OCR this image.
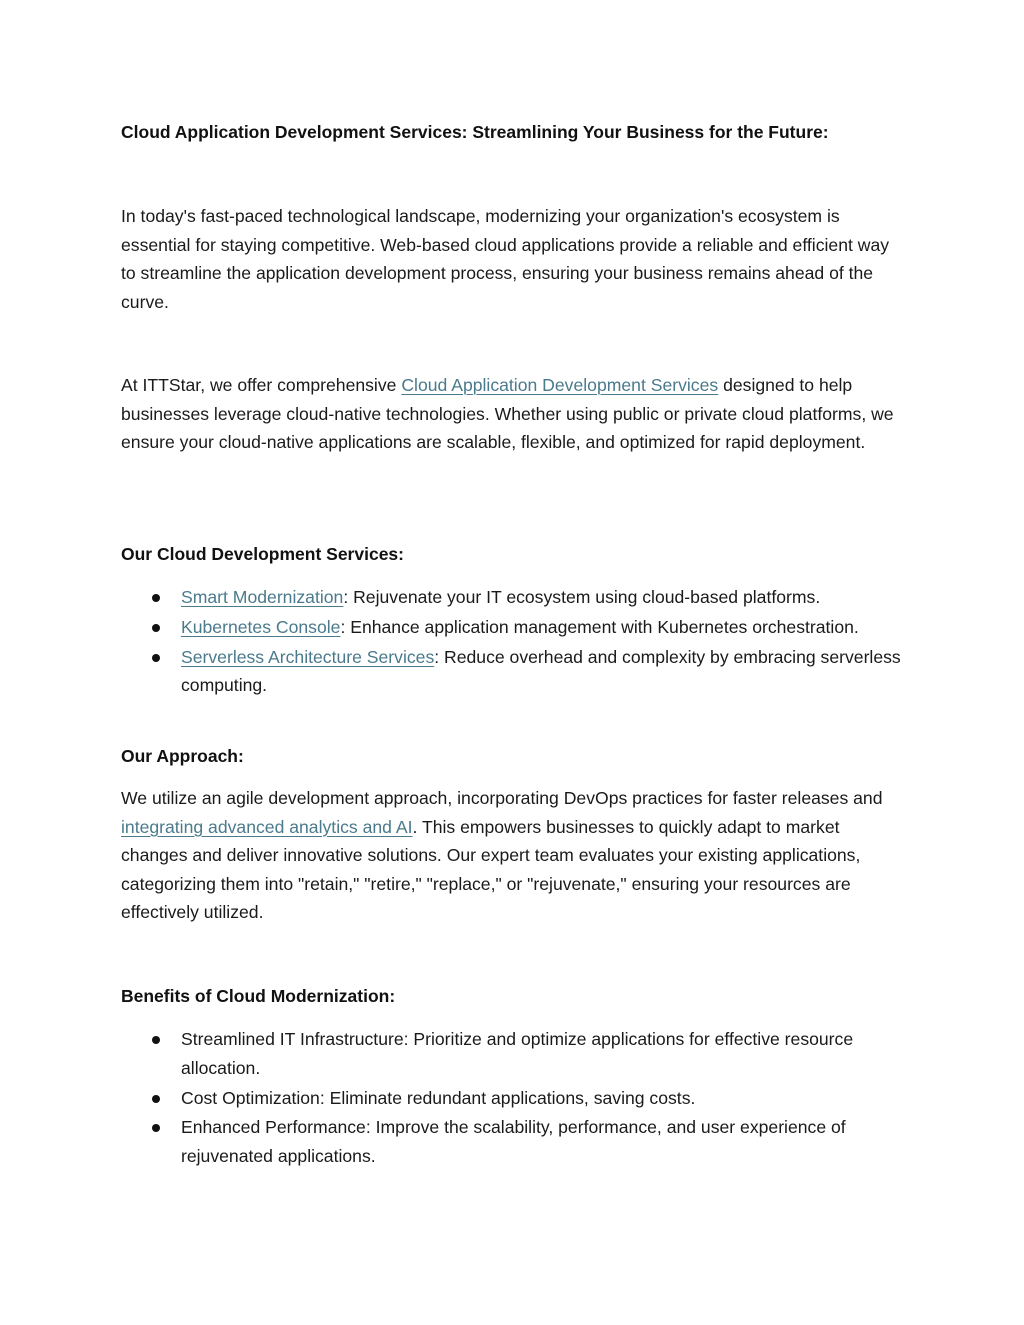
Cloud Application Development Services: Streamlining Your Business for the Future:

In today's fast-paced technological landscape, modernizing your organization's ecosystem is essential for staying competitive. Web-based cloud applications provide a reliable and efficient way to streamline the application development process, ensuring your business remains ahead of the curve.

At ITTStar, we offer comprehensive Cloud Application Development Services designed to help businesses leverage cloud-native technologies. Whether using public or private cloud platforms, we ensure your cloud-native applications are scalable, flexible, and optimized for rapid deployment.

Our Cloud Development Services:
Smart Modernization: Rejuvenate your IT ecosystem using cloud-based platforms.
Kubernetes Console: Enhance application management with Kubernetes orchestration.
Serverless Architecture Services: Reduce overhead and complexity by embracing serverless computing.
Our Approach:

We utilize an agile development approach, incorporating DevOps practices for faster releases and integrating advanced analytics and AI. This empowers businesses to quickly adapt to market changes and deliver innovative solutions. Our expert team evaluates your existing applications, categorizing them into "retain," "retire," "replace," or "rejuvenate," ensuring your resources are effectively utilized.

Benefits of Cloud Modernization:
Streamlined IT Infrastructure: Prioritize and optimize applications for effective resource allocation.
Cost Optimization: Eliminate redundant applications, saving costs.
Enhanced Performance: Improve the scalability, performance, and user experience of rejuvenated applications.
